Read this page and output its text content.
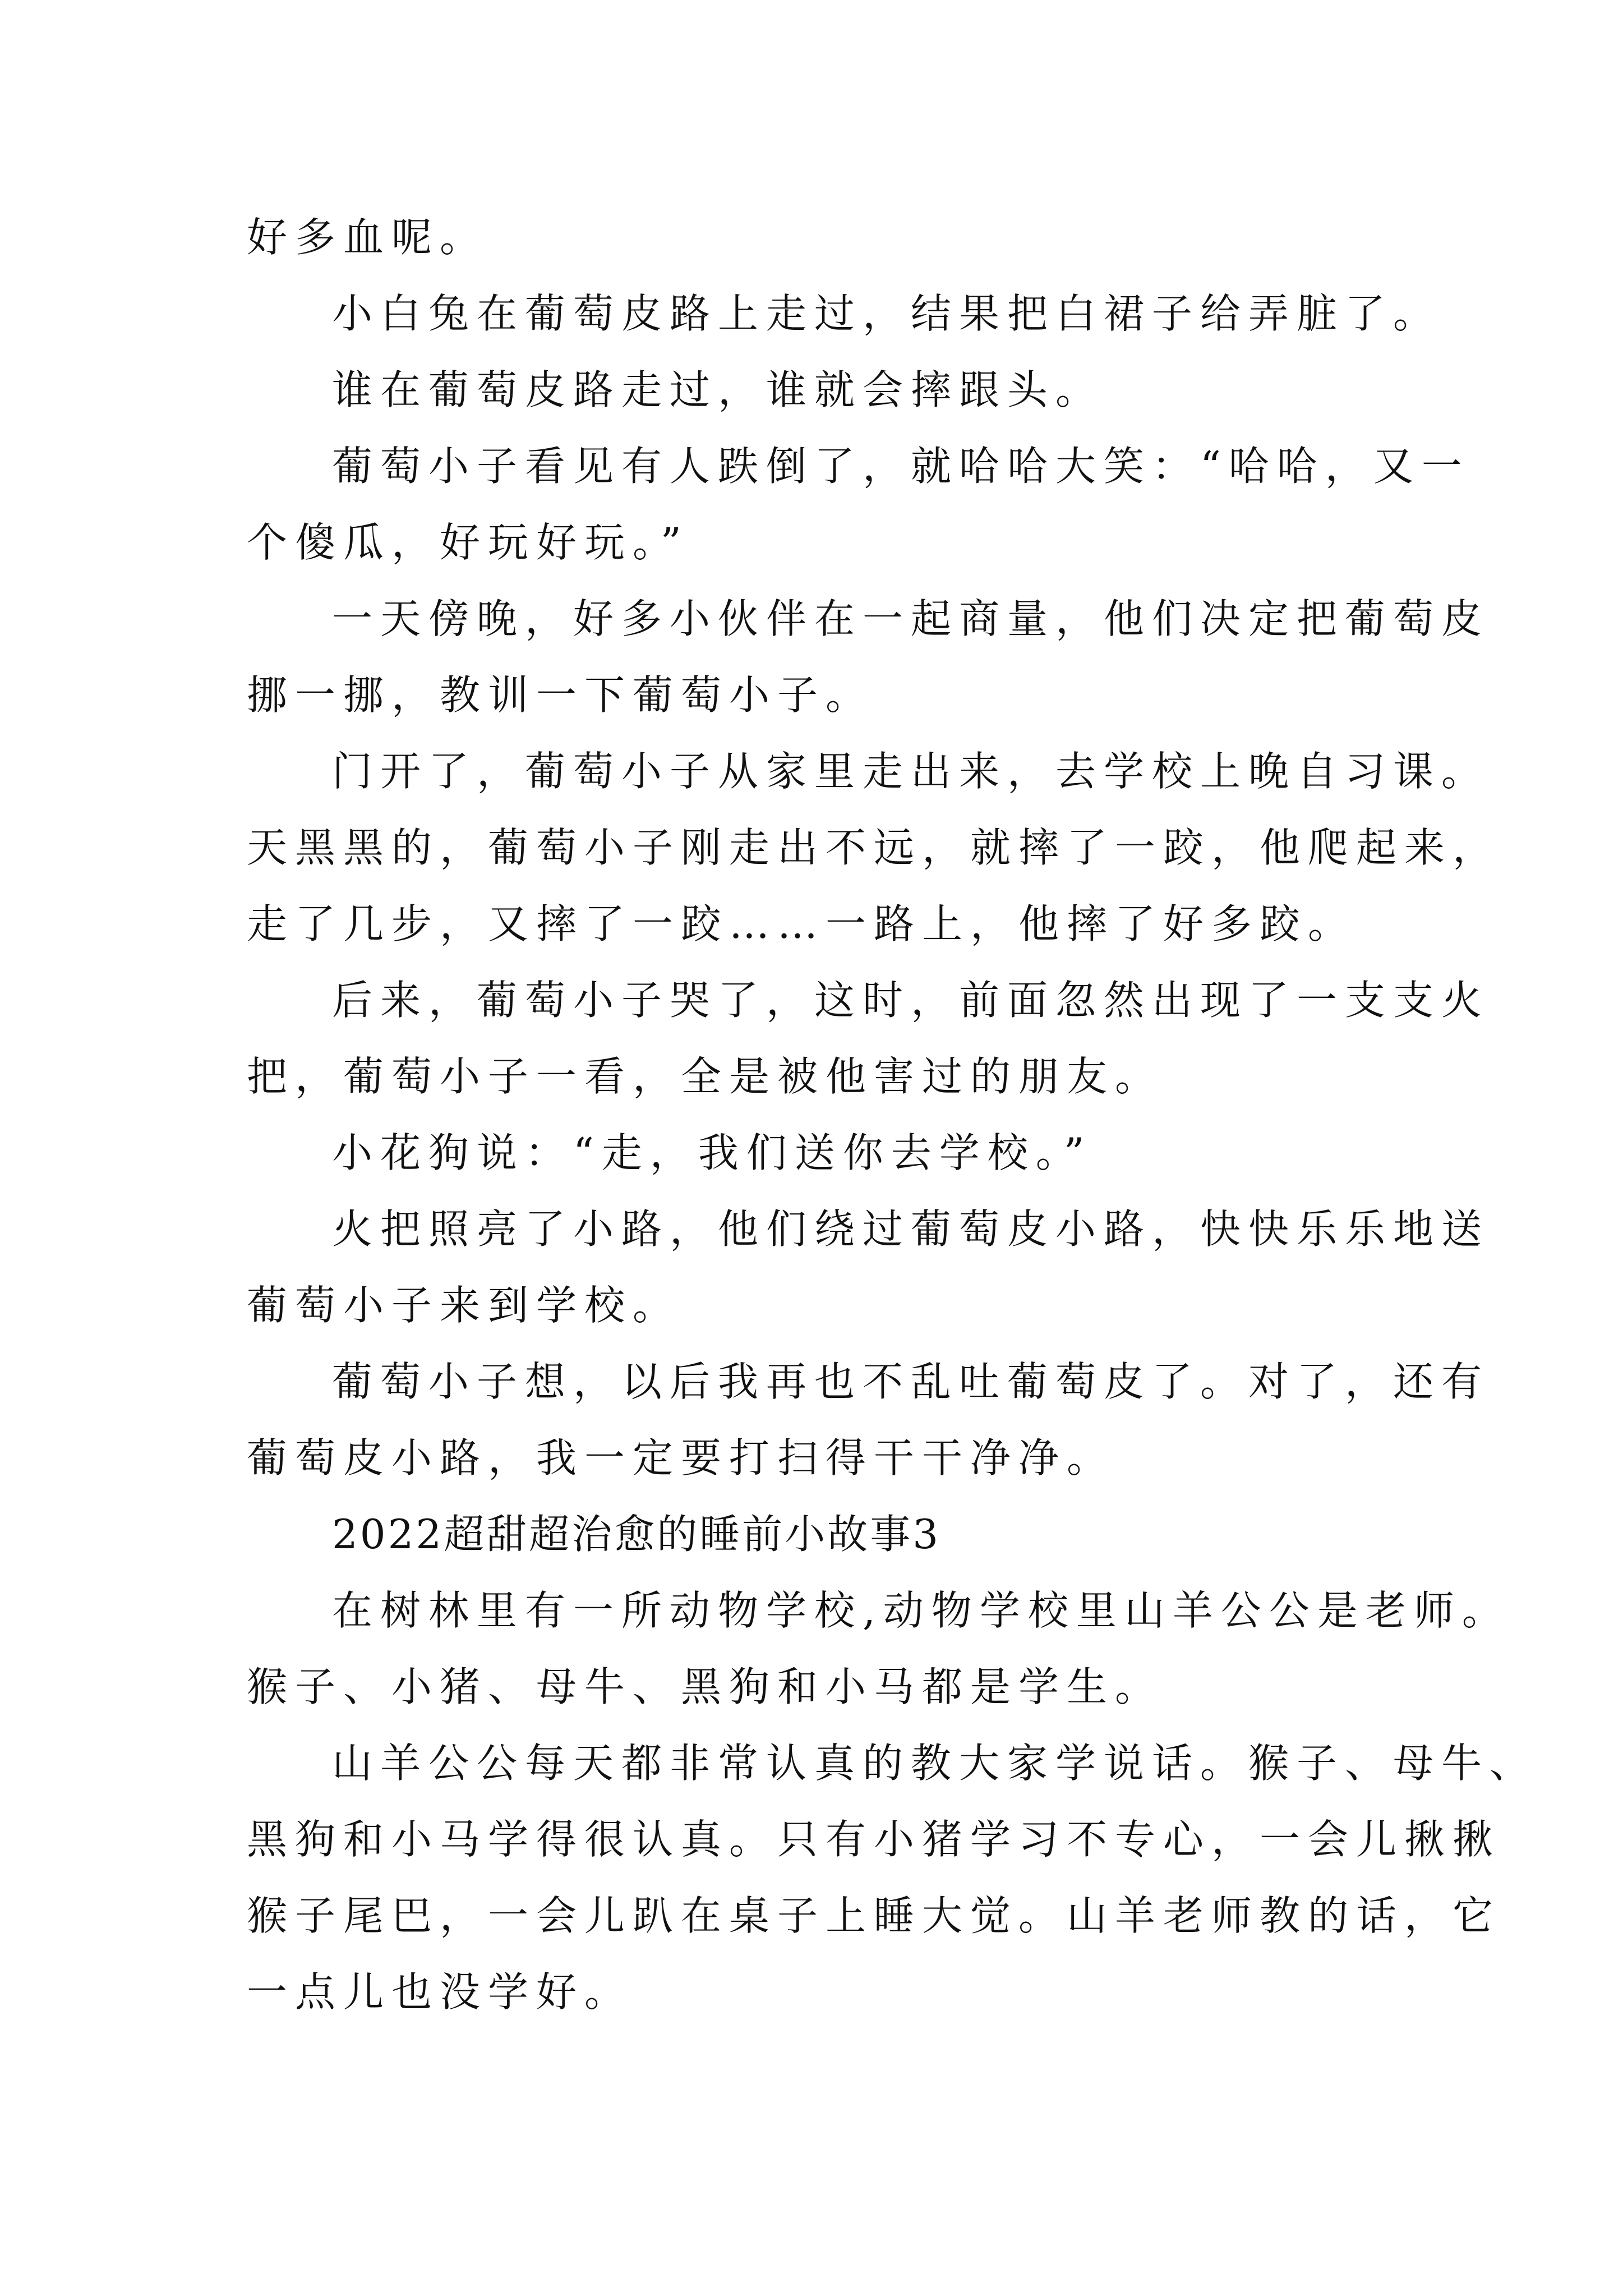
好多血呢。
小白兔在葡萄皮路上走过，结果把白裙子给弄脏了。
谁在葡萄皮路走过，谁就会摔跟头。
葡萄小子看见有人跌倒了，就哈哈大笑：“哈哈，又一
个傻瓜，好玩好玩。”
一天傍晚，好多小伙伴在一起商量，他们决定把葡萄皮
挪一挪，教训一下葡萄小子。
门开了，葡萄小子从家里走出来，去学校上晚自习课。
天黑黑的，葡萄小子刚走出不远，就摔了一跤，他爬起来，
走了几步，又摔了一跤……一路上，他摔了好多跤。
后来，葡萄小子哭了，这时，前面忽然出现了一支支火
把，葡萄小子一看，全是被他害过的朋友。
小花狗说：“走，我们送你去学校。”
火把照亮了小路，他们绕过葡萄皮小路，快快乐乐地送
葡萄小子来到学校。
葡萄小子想，以后我再也不乱吐葡萄皮了。对了，还有
葡萄皮小路，我一定要打扫得干干净净。
2022超甜超治愈的睡前小故事3
在树林里有一所动物学校,动物学校里山羊公公是老师。
猴子、小猪、母牛、黑狗和小马都是学生。
山羊公公每天都非常认真的教大家学说话。猴子、母牛、
黑狗和小马学得很认真。只有小猪学习不专心，一会儿揪揪
猴子尾巴，一会儿趴在桌子上睡大觉。山羊老师教的话，它
一点儿也没学好。
